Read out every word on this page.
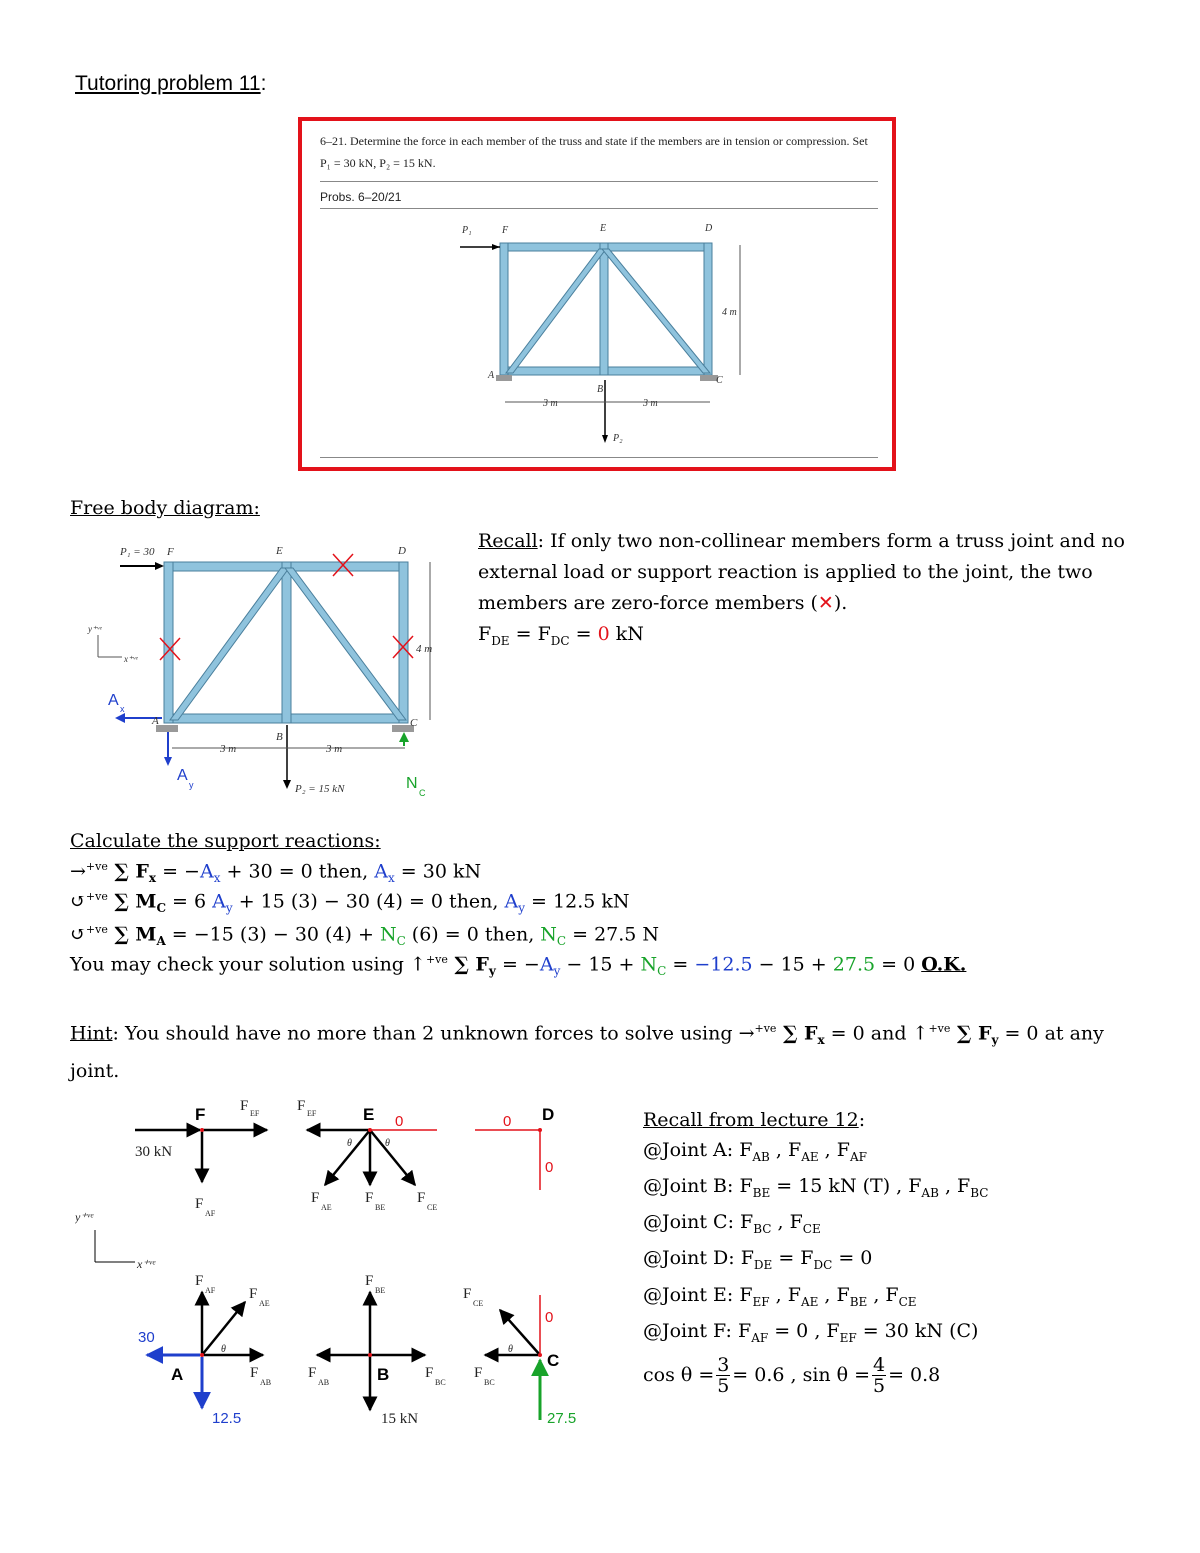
Tutoring problem 11:
6–21. Determine the force in each member of the truss and state if the members are in tension or compression. Set P₁ = 30 kN, P₂ = 15 kN.
Probs. 6–20/21
P₁	F	E	D
A
B
C
3 m	3 m
4 m
P₂
Free body diagram:
P₁ = 30 F	E	D
A
B
C
3 m	3 m
4 m
P₂ = 15 kN
y⁺ᵛᵉ
x⁺ᵛᵉ
A x
A
y	N
C
Recall: If only two non-collinear members form a truss joint and no external load or support reaction is applied to the joint, the two members are zero-force members (✕).
$F_{DE} = F_{DC} = 0$ kN
Calculate the support reactions:
→$^{+ve}$ ∑ $F_x = -A_x + 30 = 0$ then, $A_x = 30$ kN
↺$^{+ve}$ ∑ $M_C = 6$ $A_y + 15$ (3) − 30 (4) = 0 then, $A_y = 12.5$ kN
↺$^{+ve}$ ∑ $M_A = -15$ (3) − 30 $(4) + N_C$ (6) = 0 then, $N_C = 27.5$ N
You may check your solution using ↑$^{+ve}$ ∑ $F_y = -A_y - 15 + N_C = -12.5 - 15 + 27.5 = 0$ O.K.
Hint: You should have no more than 2 unknown forces to solve using →$^{+ve}$ ∑ $F_x = 0$ and ↑$^{+ve}$ ∑ $F_y = 0$ at any joint.
F	E	D
A	B
C
30 kN
F EF
F
AF
F EF
F
AE
F
BE
F
CE
θ	θ
y⁺ᵛᵉ
x⁺ᵛᵉ
F
AF F
AE
F
AB
θ
F
BE
F
AB
F
BC
15 kN
F
CE
F
BC
θ
0	0
0
0
30
12.5	27.5
Recall from lecture 12:
@Joint A: $F_{AB}$ , $F_{AE}$ , $F_{AF}$
@Joint B: $F_{BE} = 15$ kN (T) , $F_{AB}$ , $F_{BC}$
@Joint C: $F_{BC}$ , $F_{CE}$
@Joint D: $F_{DE} = F_{DC} = 0$
@Joint E: $F_{EF}$ , $F_{AE}$ , $F_{BE}$ , $F_{CE}$
@Joint F: $F_{AF} = 0$ , $F_{EF} = 30$ kN (C)
$\cos \theta = \frac{3}{5} = 0.6$ , $\sin \theta = \frac{4}{5} = 0.8$
